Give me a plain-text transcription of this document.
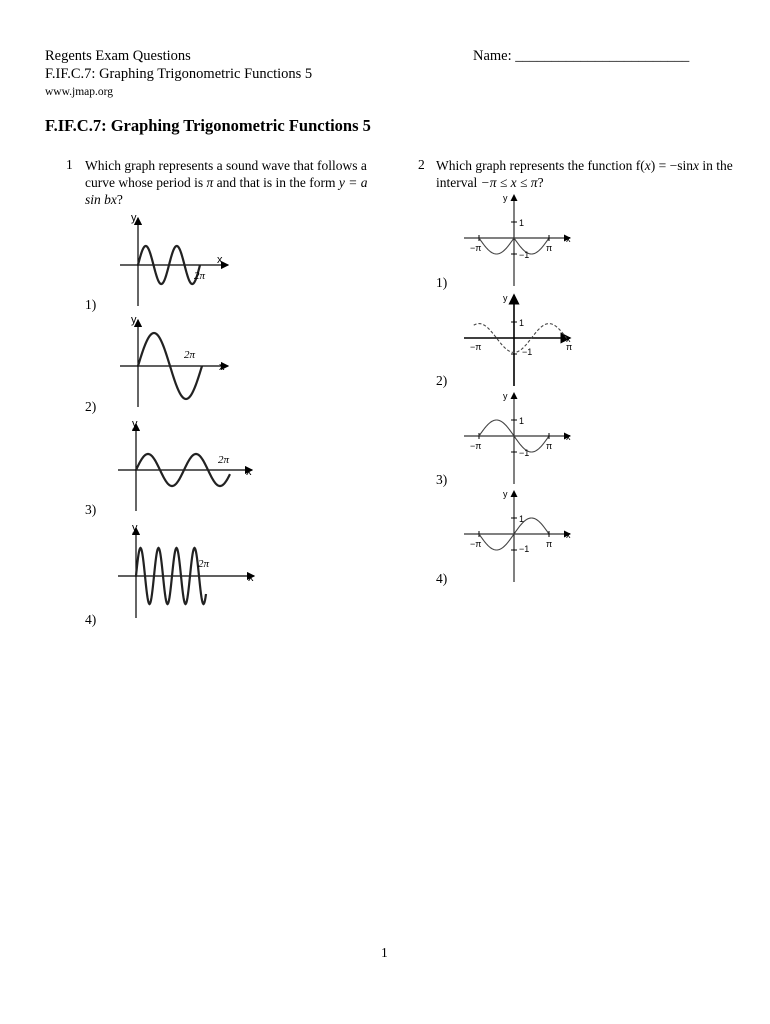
Regents Exam Questions
F.IF.C.7: Graphing Trigonometric Functions 5
www.jmap.org
Name: ________________________
F.IF.C.7: Graphing Trigonometric Functions 5
1 Which graph represents a sound wave that follows a curve whose period is π and that is in the form y = a sin bx?
1)
2)
3)
4)
x
y
2π
x
y
2π
x
y
2π
x
y
2π
2 Which graph represents the function f(x) = −sinx in the interval −π ≤ x ≤ π?
1)
2)
3)
4)
x
y
1
−1
−π	π
x
y
1
−1
−π	π
x
y
1
−1
−π	π
x
y
1
−1
−π	π
1
